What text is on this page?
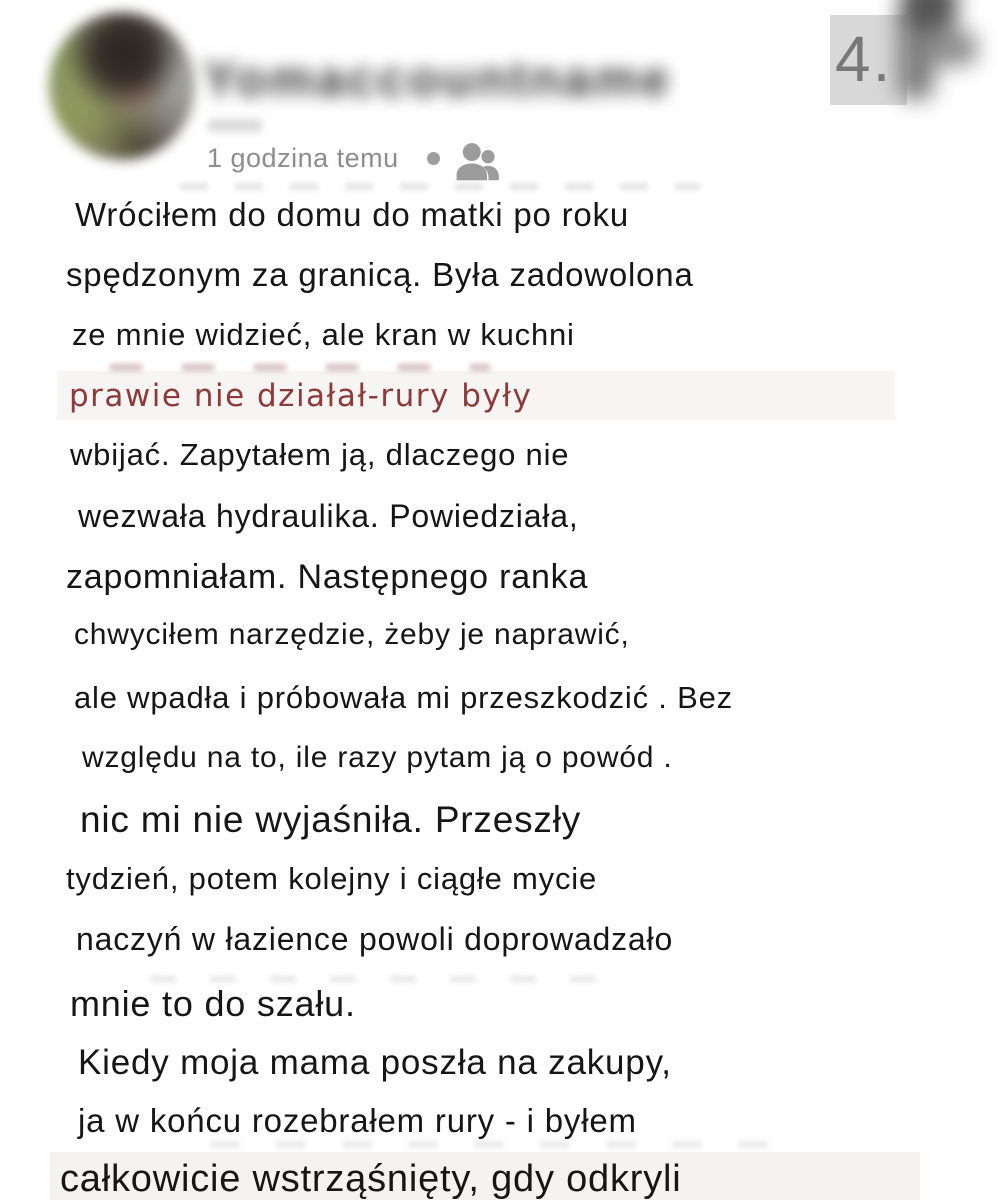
Yomaccountname
1 godzina temu
4.
Wróciłem do domu do matki po roku
spędzonym za granicą. Była zadowolona
ze mnie widzieć, ale kran w kuchni
prawie nie działał-rury były
wbijać. Zapytałem ją, dlaczego nie
wezwała hydraulika. Powiedziała,
zapomniałam. Następnego ranka
chwyciłem narzędzie, żeby je naprawić,
ale wpadła i próbowała mi przeszkodzić . Bez
względu na to, ile razy pytam ją o powód .
nic mi nie wyjaśniła. Przeszły
tydzień, potem kolejny i ciągłe mycie
naczyń w łazience powoli doprowadzało
mnie to do szału.
Kiedy moja mama poszła na zakupy,
ja w końcu rozebrałem rury - i byłem
całkowicie wstrząśnięty, gdy odkryli
